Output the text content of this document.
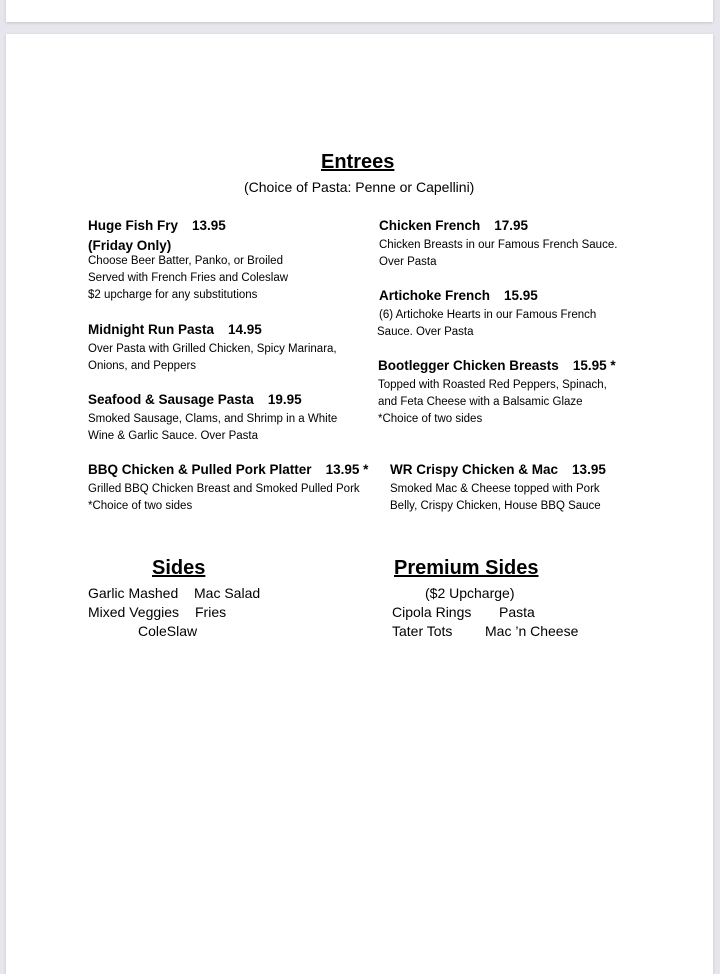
Entrees
(Choice of Pasta: Penne or Capellini)
Huge Fish Fry 13.95
(Friday Only)
Choose Beer Batter, Panko, or Broiled
Served with French Fries and Coleslaw
$2 upcharge for any substitutions
Midnight Run Pasta 14.95
Over Pasta with Grilled Chicken, Spicy Marinara,
Onions, and Peppers
Seafood & Sausage Pasta 19.95
Smoked Sausage, Clams, and Shrimp in a White
Wine & Garlic Sauce. Over Pasta
BBQ Chicken & Pulled Pork Platter 13.95 *
Grilled BBQ Chicken Breast and Smoked Pulled Pork
*Choice of two sides
Chicken French 17.95
Chicken Breasts in our Famous French Sauce.
Over Pasta
Artichoke French 15.95
(6) Artichoke Hearts in our Famous French
Sauce. Over Pasta
Bootlegger Chicken Breasts 15.95 *
Topped with Roasted Red Peppers, Spinach,
and Feta Cheese with a Balsamic Glaze
*Choice of two sides
WR Crispy Chicken & Mac 13.95
Smoked Mac & Cheese topped with Pork
Belly, Crispy Chicken, House BBQ Sauce
Sides
Garlic Mashed Mac Salad
Mixed Veggies Fries
ColeSlaw
Premium Sides
($2 Upcharge)
Cipola Rings Pasta
Tater Tots Mac ’n Cheese
